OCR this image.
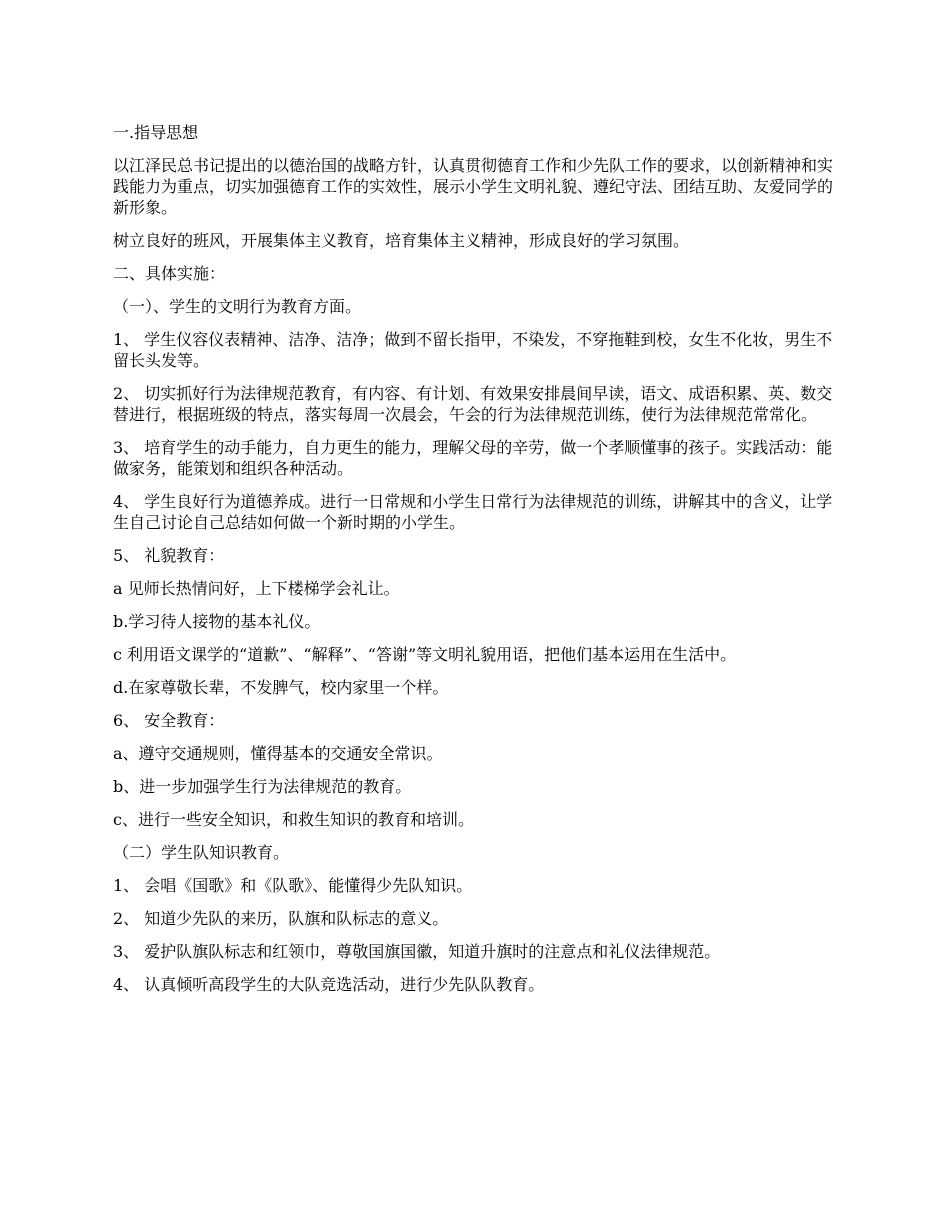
一.指导思想

以江泽民总书记提出的以德治国的战略方针，认真贯彻德育工作和少先队工作的要求，以创新精神和实践能力为重点，切实加强德育工作的实效性，展示小学生文明礼貌、遵纪守法、团结互助、友爱同学的新形象。

树立良好的班风，开展集体主义教育，培育集体主义精神，形成良好的学习氛围。

二、具体实施：

（一）、学生的文明行为教育方面。

1、 学生仪容仪表精神、洁净、洁净；做到不留长指甲，不染发，不穿拖鞋到校，女生不化妆，男生不留长头发等。

2、 切实抓好行为法律规范教育，有内容、有计划、有效果安排晨间早读，语文、成语积累、英、数交替进行，根据班级的特点，落实每周一次晨会，午会的行为法律规范训练，使行为法律规范常常化。

3、 培育学生的动手能力，自力更生的能力，理解父母的辛劳，做一个孝顺懂事的孩子。实践活动：能做家务，能策划和组织各种活动。

4、 学生良好行为道德养成。进行一日常规和小学生日常行为法律规范的训练，讲解其中的含义，让学生自己讨论自己总结如何做一个新时期的小学生。

5、 礼貌教育：

a 见师长热情问好，上下楼梯学会礼让。

b.学习待人接物的基本礼仪。

c 利用语文课学的“道歉”、“解释”、“答谢”等文明礼貌用语，把他们基本运用在生活中。

d.在家尊敬长辈，不发脾气，校内家里一个样。

6、 安全教育：

a、遵守交通规则，懂得基本的交通安全常识。

b、进一步加强学生行为法律规范的教育。

c、进行一些安全知识，和救生知识的教育和培训。

（二）学生队知识教育。

1、 会唱《国歌》和《队歌》、能懂得少先队知识。

2、 知道少先队的来历，队旗和队标志的意义。

3、 爱护队旗队标志和红领巾，尊敬国旗国徽，知道升旗时的注意点和礼仪法律规范。

4、 认真倾听高段学生的大队竞选活动，进行少先队队教育。
